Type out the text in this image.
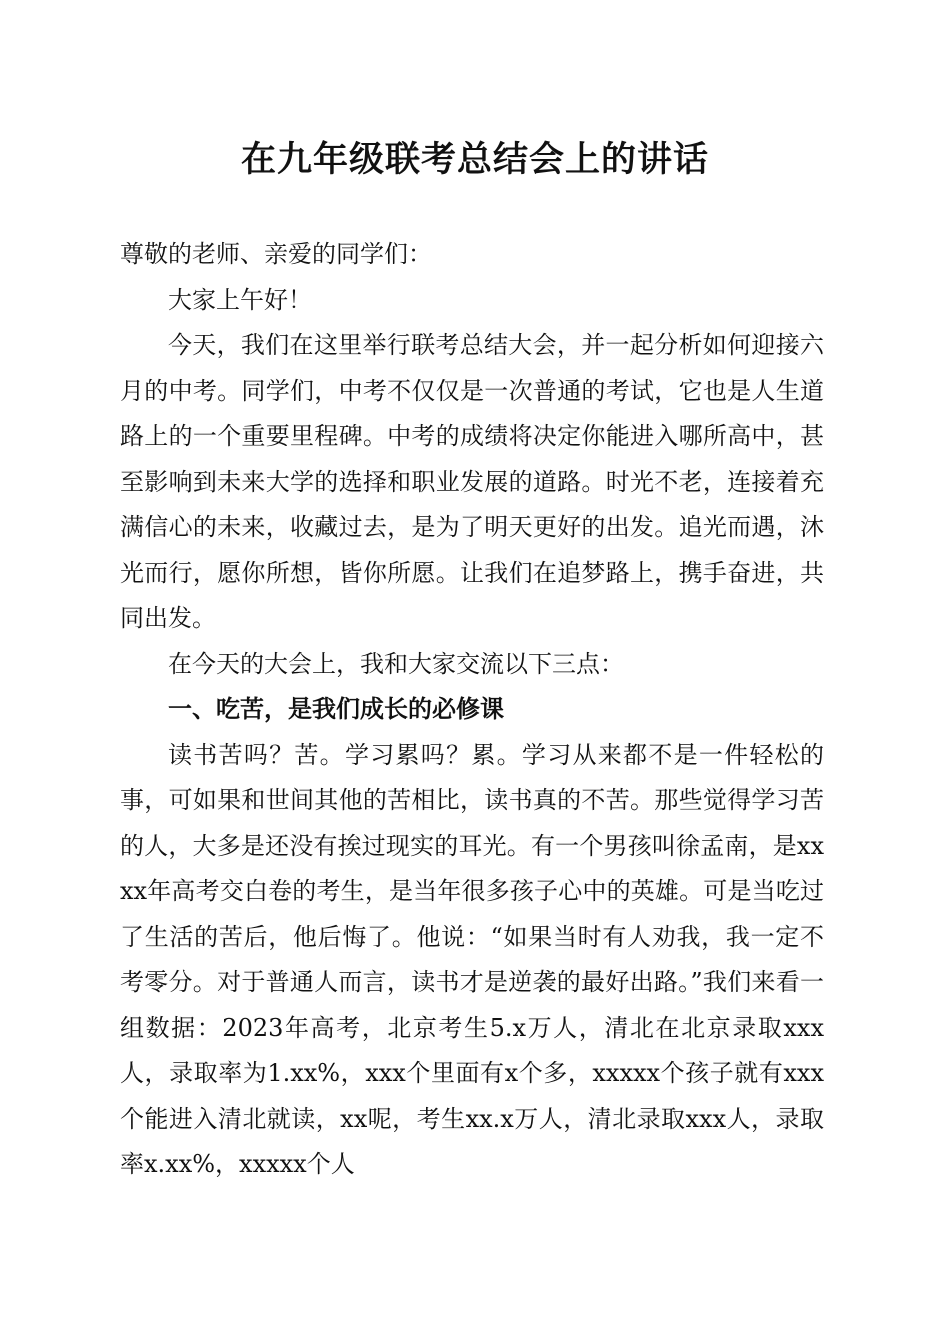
在九年级联考总结会上的讲话

尊敬的老师、亲爱的同学们：

大家上午好！

今天，我们在这里举行联考总结大会，并一起分析如何迎接六月的中考。同学们，中考不仅仅是一次普通的考试，它也是人生道路上的一个重要里程碑。中考的成绩将决定你能进入哪所高中，甚至影响到未来大学的选择和职业发展的道路。时光不老，连接着充满信心的未来，收藏过去，是为了明天更好的出发。追光而遇，沐光而行，愿你所想，皆你所愿。让我们在追梦路上，携手奋进，共同出发。

在今天的大会上，我和大家交流以下三点：

一、吃苦，是我们成长的必修课

读书苦吗？苦。学习累吗？累。学习从来都不是一件轻松的事，可如果和世间其他的苦相比，读书真的不苦。那些觉得学习苦的人，大多是还没有挨过现实的耳光。有一个男孩叫徐孟南，是xxxx年高考交白卷的考生，是当年很多孩子心中的英雄。可是当吃过了生活的苦后，他后悔了。他说：“如果当时有人劝我，我一定不考零分。对于普通人而言，读书才是逆袭的最好出路。”我们来看一组数据：2023年高考，北京考生5.x万人，清北在北京录取xxx人，录取率为1.xx%，xxx个里面有x个多，xxxxx个孩子就有xxx个能进入清北就读，xx呢，考生xx.x万人，清北录取xxx人，录取率x.xx%，xxxxx个人
